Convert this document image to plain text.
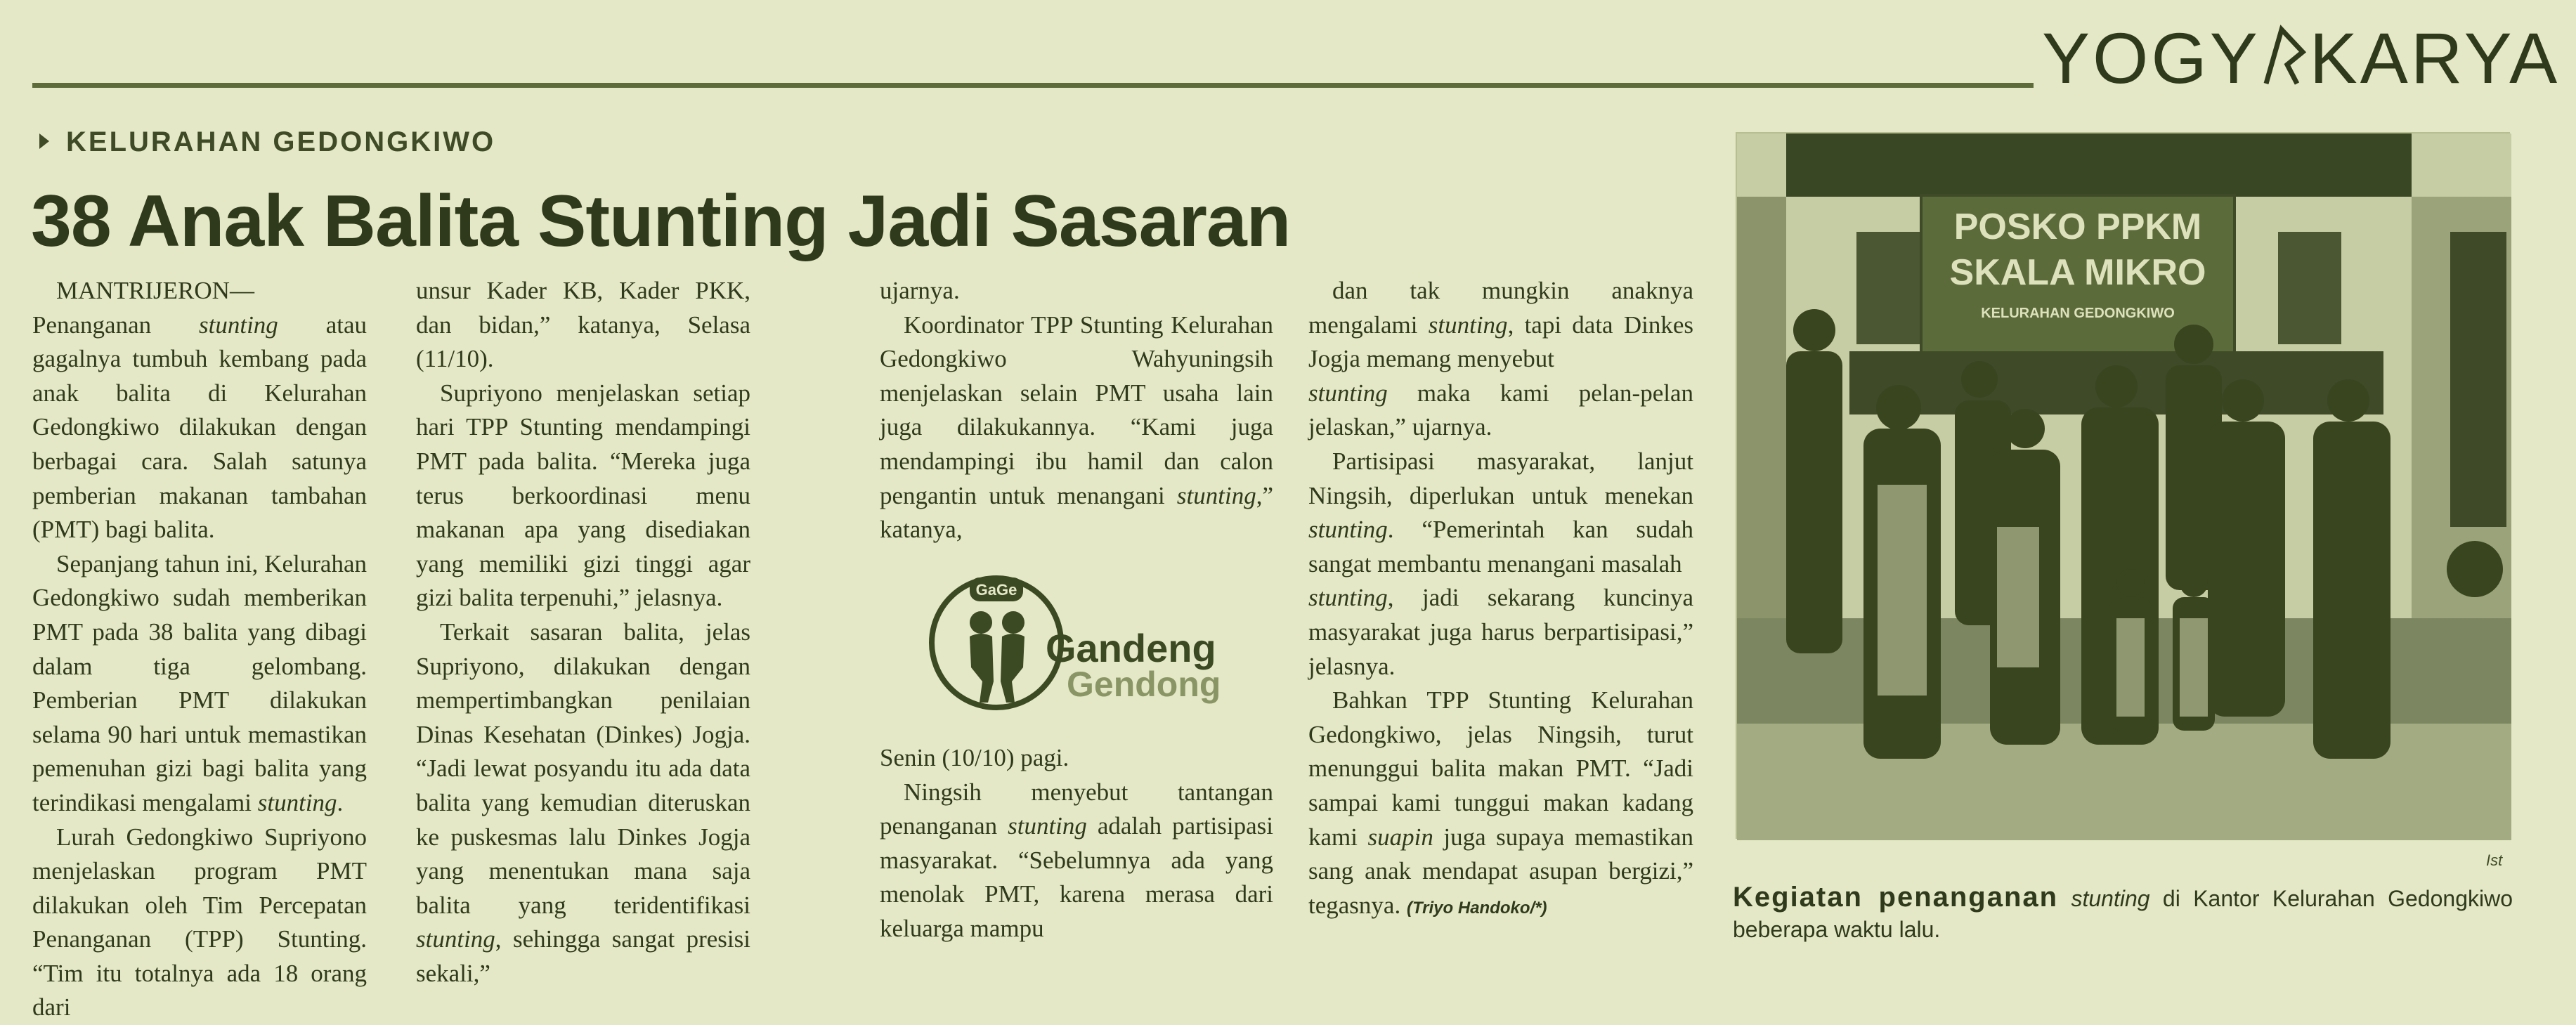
YOGY KARYA
KELURAHAN GEDONGKIWO
38 Anak Balita Stunting Jadi Sasaran

MANTRIJERON—Penanganan stunting atau gagalnya tumbuh kembang pada anak balita di Kelurahan Gedongkiwo dilakukan dengan berbagai cara. Salah satunya pemberian makanan tambahan (PMT) bagi balita.

Sepanjang tahun ini, Kelurahan Gedongkiwo sudah memberikan PMT pada 38 balita yang dibagi dalam tiga gelombang. Pemberian PMT dilakukan selama 90 hari untuk memastikan pemenuhan gizi bagi balita yang terindikasi mengalami stunting.

Lurah Gedongkiwo Supriyono menjelaskan program PMT dilakukan oleh Tim Percepatan Penanganan (TPP) Stunting. “Tim itu totalnya ada 18 orang dari

unsur Kader KB, Kader PKK, dan bidan,” katanya, Selasa (11/10).

Supriyono menjelaskan setiap hari TPP Stunting mendampingi PMT pada balita. “Mereka juga terus berkoordinasi menu makanan apa yang disediakan yang memiliki gizi tinggi agar gizi balita terpenuhi,” jelasnya.

Terkait sasaran balita, jelas Supriyono, dilakukan dengan mempertimbangkan penilaian Dinas Kesehatan (Dinkes) Jogja. “Jadi lewat posyandu itu ada data balita yang kemudian diteruskan ke puskesmas lalu Dinkes Jogja yang menentukan mana saja balita yang teridentifikasi stunting, sehingga sangat presisi sekali,”

ujarnya.

Koordinator TPP Stunting Kelurahan Gedongkiwo Wahyuningsih menjelaskan selain PMT usaha lain juga dilakukannya. “Kami juga mendampingi ibu hamil dan calon pengantin untuk menangani stunting,” katanya,

GaGe
Gandeng
Gendong

Senin (10/10) pagi.

Ningsih menyebut tantangan penanganan stunting adalah partisipasi masyarakat. “Sebelumnya ada yang menolak PMT, karena merasa dari keluarga mampu

dan tak mungkin anaknya mengalami stunting, tapi data Dinkes Jogja memang menyebut

stunting maka kami pelan-pelan jelaskan,” ujarnya.

Partisipasi masyarakat, lanjut Ningsih, diperlukan untuk menekan stunting. “Pemerintah kan sudah sangat membantu menangani masalah

stunting, jadi sekarang kuncinya masyarakat juga harus berpartisipasi,” jelasnya.

Bahkan TPP Stunting Kelurahan Gedongkiwo, jelas Ningsih, turut menunggui balita makan PMT. “Jadi sampai kami tunggui makan kadang kami suapin juga supaya memastikan sang anak mendapat asupan bergizi,” tegasnya. (Triyo Handoko/*)

POSKO PPKM
SKALA MIKRO
KELURAHAN GEDONGKIWO
Ist
Kegiatan penanganan stunting di Kantor Kelurahan Gedongkiwo beberapa waktu lalu.
